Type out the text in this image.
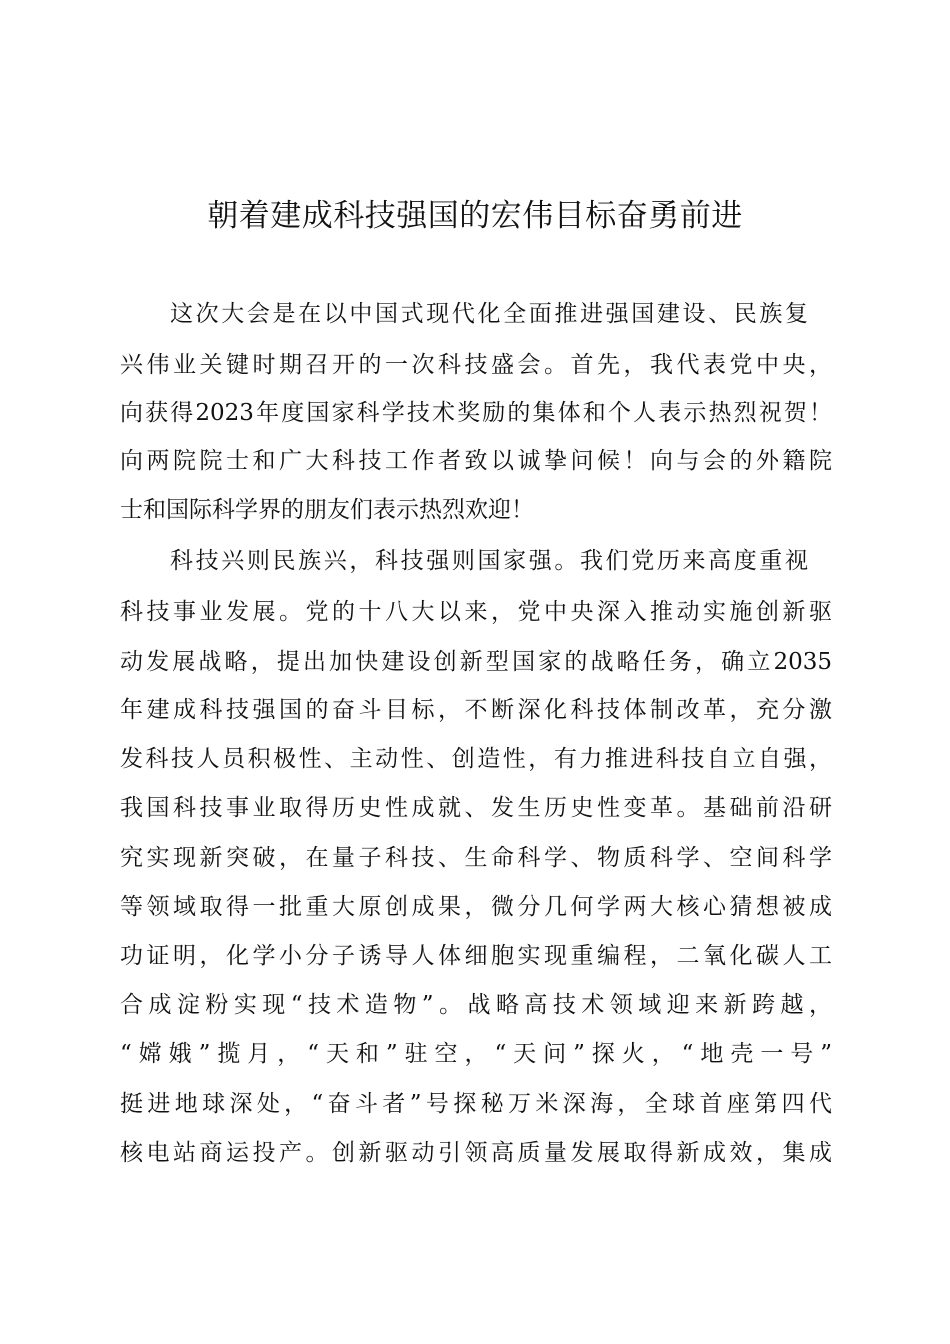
朝着建成科技强国的宏伟目标奋勇前进
这次大会是在以中国式现代化全面推进强国建设、民族复
兴伟业关键时期召开的一次科技盛会。首先，我代表党中央，
向获得2023年度国家科学技术奖励的集体和个人表示热烈祝贺！
向两院院士和广大科技工作者致以诚挚问候！向与会的外籍院
士和国际科学界的朋友们表示热烈欢迎！
科技兴则民族兴，科技强则国家强。我们党历来高度重视
科技事业发展。党的十八大以来，党中央深入推动实施创新驱
动发展战略，提出加快建设创新型国家的战略任务，确立2035
年建成科技强国的奋斗目标，不断深化科技体制改革，充分激
发科技人员积极性、主动性、创造性，有力推进科技自立自强，
我国科技事业取得历史性成就、发生历史性变革。基础前沿研
究实现新突破，在量子科技、生命科学、物质科学、空间科学
等领域取得一批重大原创成果，微分几何学两大核心猜想被成
功证明，化学小分子诱导人体细胞实现重编程，二氧化碳人工
合成淀粉实现“技术造物”。战略高技术领域迎来新跨越，
“嫦娥”揽月，“天和”驻空，“天问”探火，“地壳一号”
挺进地球深处，“奋斗者”号探秘万米深海，全球首座第四代
核电站商运投产。创新驱动引领高质量发展取得新成效，集成
